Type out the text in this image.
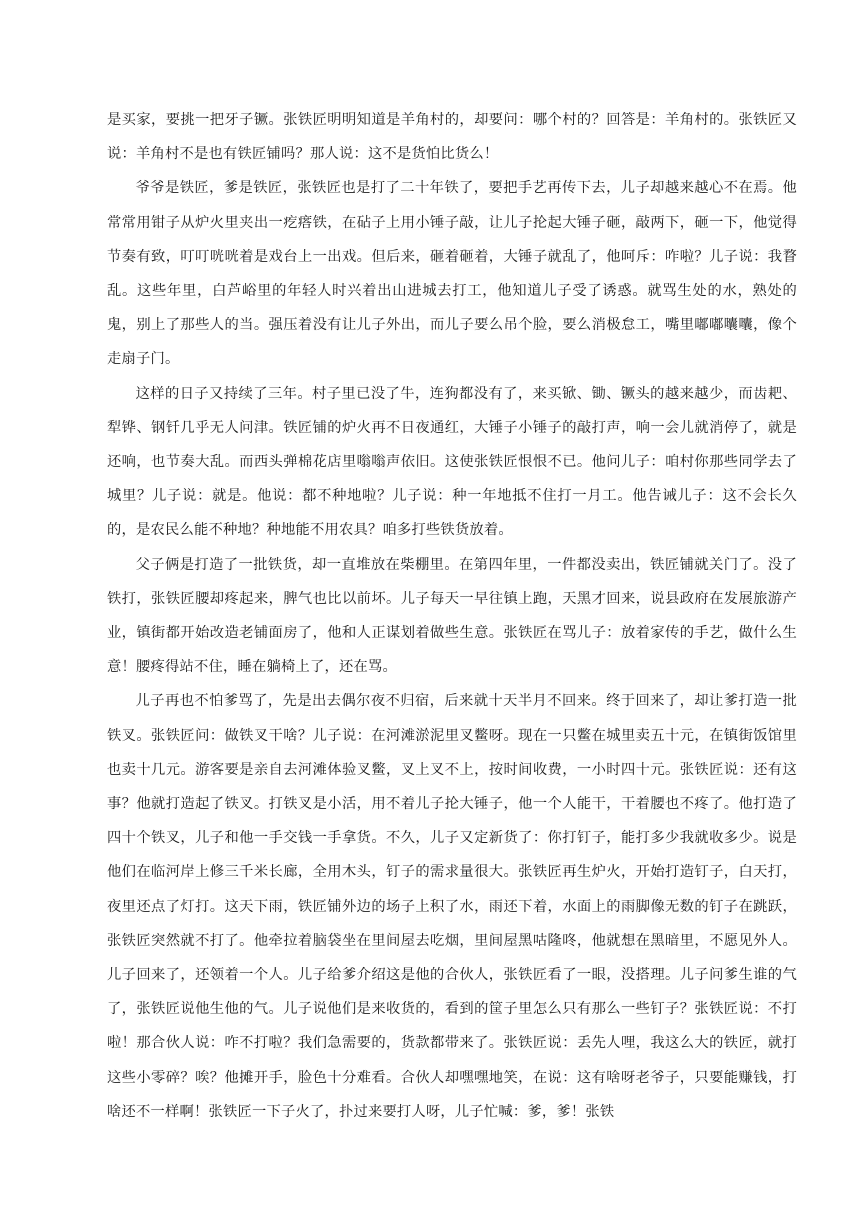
是买家，要挑一把牙子镢。张铁匠明明知道是羊角村的，却要问：哪个村的？回答是：羊角村的。张铁匠又说：羊角村不是也有铁匠铺吗？那人说：这不是货怕比货么！

爷爷是铁匠，爹是铁匠，张铁匠也是打了二十年铁了，要把手艺再传下去，儿子却越来越心不在焉。他常常用钳子从炉火里夹出一疙瘩铁，在砧子上用小锤子敲，让儿子抡起大锤子砸，敲两下，砸一下，他觉得节奏有致，叮叮咣咣着是戏台上一出戏。但后来，砸着砸着，大锤子就乱了，他呵斥：咋啦？儿子说：我瞀乱。这些年里，白芦峪里的年轻人时兴着出山进城去打工，他知道儿子受了诱惑。就骂生处的水，熟处的鬼，别上了那些人的当。强压着没有让儿子外出，而儿子要么吊个脸，要么消极怠工，嘴里嘟嘟囔囔，像个走扇子门。

这样的日子又持续了三年。村子里已没了牛，连狗都没有了，来买锨、锄、镢头的越来越少，而齿耙、犁铧、钢钎几乎无人问津。铁匠铺的炉火再不日夜通红，大锤子小锤子的敲打声，响一会儿就消停了，就是还响，也节奏大乱。而西头弹棉花店里嗡嗡声依旧。这使张铁匠恨恨不已。他问儿子：咱村你那些同学去了城里？儿子说：就是。他说：都不种地啦？儿子说：种一年地抵不住打一月工。他告诫儿子：这不会长久的，是农民么能不种地？种地能不用农具？咱多打些铁货放着。

父子俩是打造了一批铁货，却一直堆放在柴棚里。在第四年里，一件都没卖出，铁匠铺就关门了。没了铁打，张铁匠腰却疼起来，脾气也比以前坏。儿子每天一早往镇上跑，天黑才回来，说县政府在发展旅游产业，镇街都开始改造老铺面房了，他和人正谋划着做些生意。张铁匠在骂儿子：放着家传的手艺，做什么生意！腰疼得站不住，睡在躺椅上了，还在骂。

儿子再也不怕爹骂了，先是出去偶尔夜不归宿，后来就十天半月不回来。终于回来了，却让爹打造一批铁叉。张铁匠问：做铁叉干啥？儿子说：在河滩淤泥里叉鳖呀。现在一只鳖在城里卖五十元，在镇街饭馆里也卖十几元。游客要是亲自去河滩体验叉鳖，叉上叉不上，按时间收费，一小时四十元。张铁匠说：还有这事？他就打造起了铁叉。打铁叉是小活，用不着儿子抡大锤子，他一个人能干，干着腰也不疼了。他打造了四十个铁叉，儿子和他一手交钱一手拿货。不久，儿子又定新货了：你打钉子，能打多少我就收多少。说是他们在临河岸上修三千米长廊，全用木头，钉子的需求量很大。张铁匠再生炉火，开始打造钉子，白天打，夜里还点了灯打。这天下雨，铁匠铺外边的场子上积了水，雨还下着，水面上的雨脚像无数的钉子在跳跃，张铁匠突然就不打了。他牵拉着脑袋坐在里间屋去吃烟，里间屋黑咕隆咚，他就想在黑暗里，不愿见外人。儿子回来了，还领着一个人。儿子给爹介绍这是他的合伙人，张铁匠看了一眼，没搭理。儿子问爹生谁的气了，张铁匠说他生他的气。儿子说他们是来收货的，看到的筐子里怎么只有那么一些钉子？张铁匠说：不打啦！那合伙人说：咋不打啦？我们急需要的，货款都带来了。张铁匠说：丢先人哩，我这么大的铁匠，就打这些小零碎？唉？他摊开手，脸色十分难看。合伙人却嘿嘿地笑，在说：这有啥呀老爷子，只要能赚钱，打啥还不一样啊！张铁匠一下子火了，扑过来要打人呀，儿子忙喊：爹，爹！张铁
